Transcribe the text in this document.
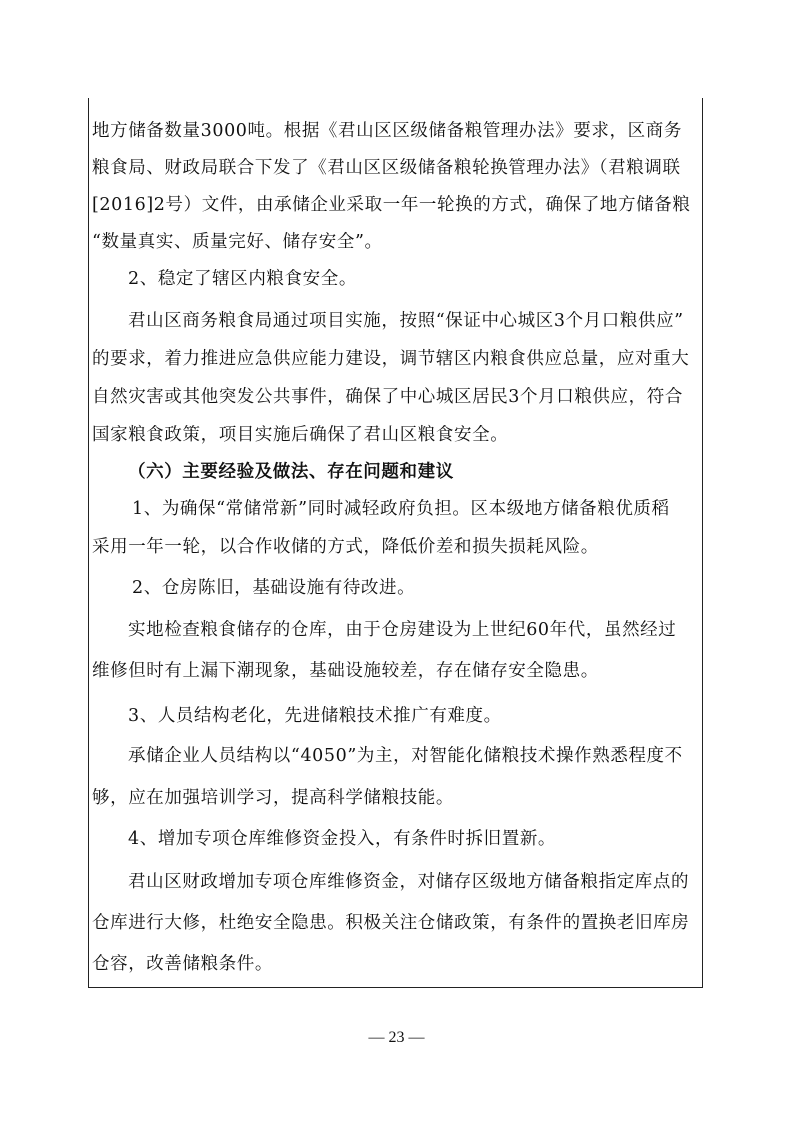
地方储备数量3000吨。根据《君山区区级储备粮管理办法》要求，区商务
粮食局、财政局联合下发了《君山区区级储备粮轮换管理办法》（君粮调联
[2016]2号）文件，由承储企业采取一年一轮换的方式，确保了地方储备粮
“数量真实、质量完好、储存安全”。
2、稳定了辖区内粮食安全。
君山区商务粮食局通过项目实施，按照“保证中心城区3个月口粮供应”
的要求，着力推进应急供应能力建设，调节辖区内粮食供应总量，应对重大
自然灾害或其他突发公共事件，确保了中心城区居民3个月口粮供应，符合
国家粮食政策，项目实施后确保了君山区粮食安全。
（六）主要经验及做法、存在问题和建议
1、为确保“常储常新”同时减轻政府负担。区本级地方储备粮优质稻
采用一年一轮，以合作收储的方式，降低价差和损失损耗风险。
2、仓房陈旧，基础设施有待改进。
实地检查粮食储存的仓库，由于仓房建设为上世纪60年代，虽然经过
维修但时有上漏下潮现象，基础设施较差，存在储存安全隐患。
3、人员结构老化，先进储粮技术推广有难度。
承储企业人员结构以“4050”为主，对智能化储粮技术操作熟悉程度不
够，应在加强培训学习，提高科学储粮技能。
4、增加专项仓库维修资金投入，有条件时拆旧置新。
君山区财政增加专项仓库维修资金，对储存区级地方储备粮指定库点的
仓库进行大修，杜绝安全隐患。积极关注仓储政策，有条件的置换老旧库房
仓容，改善储粮条件。
— 23 —
